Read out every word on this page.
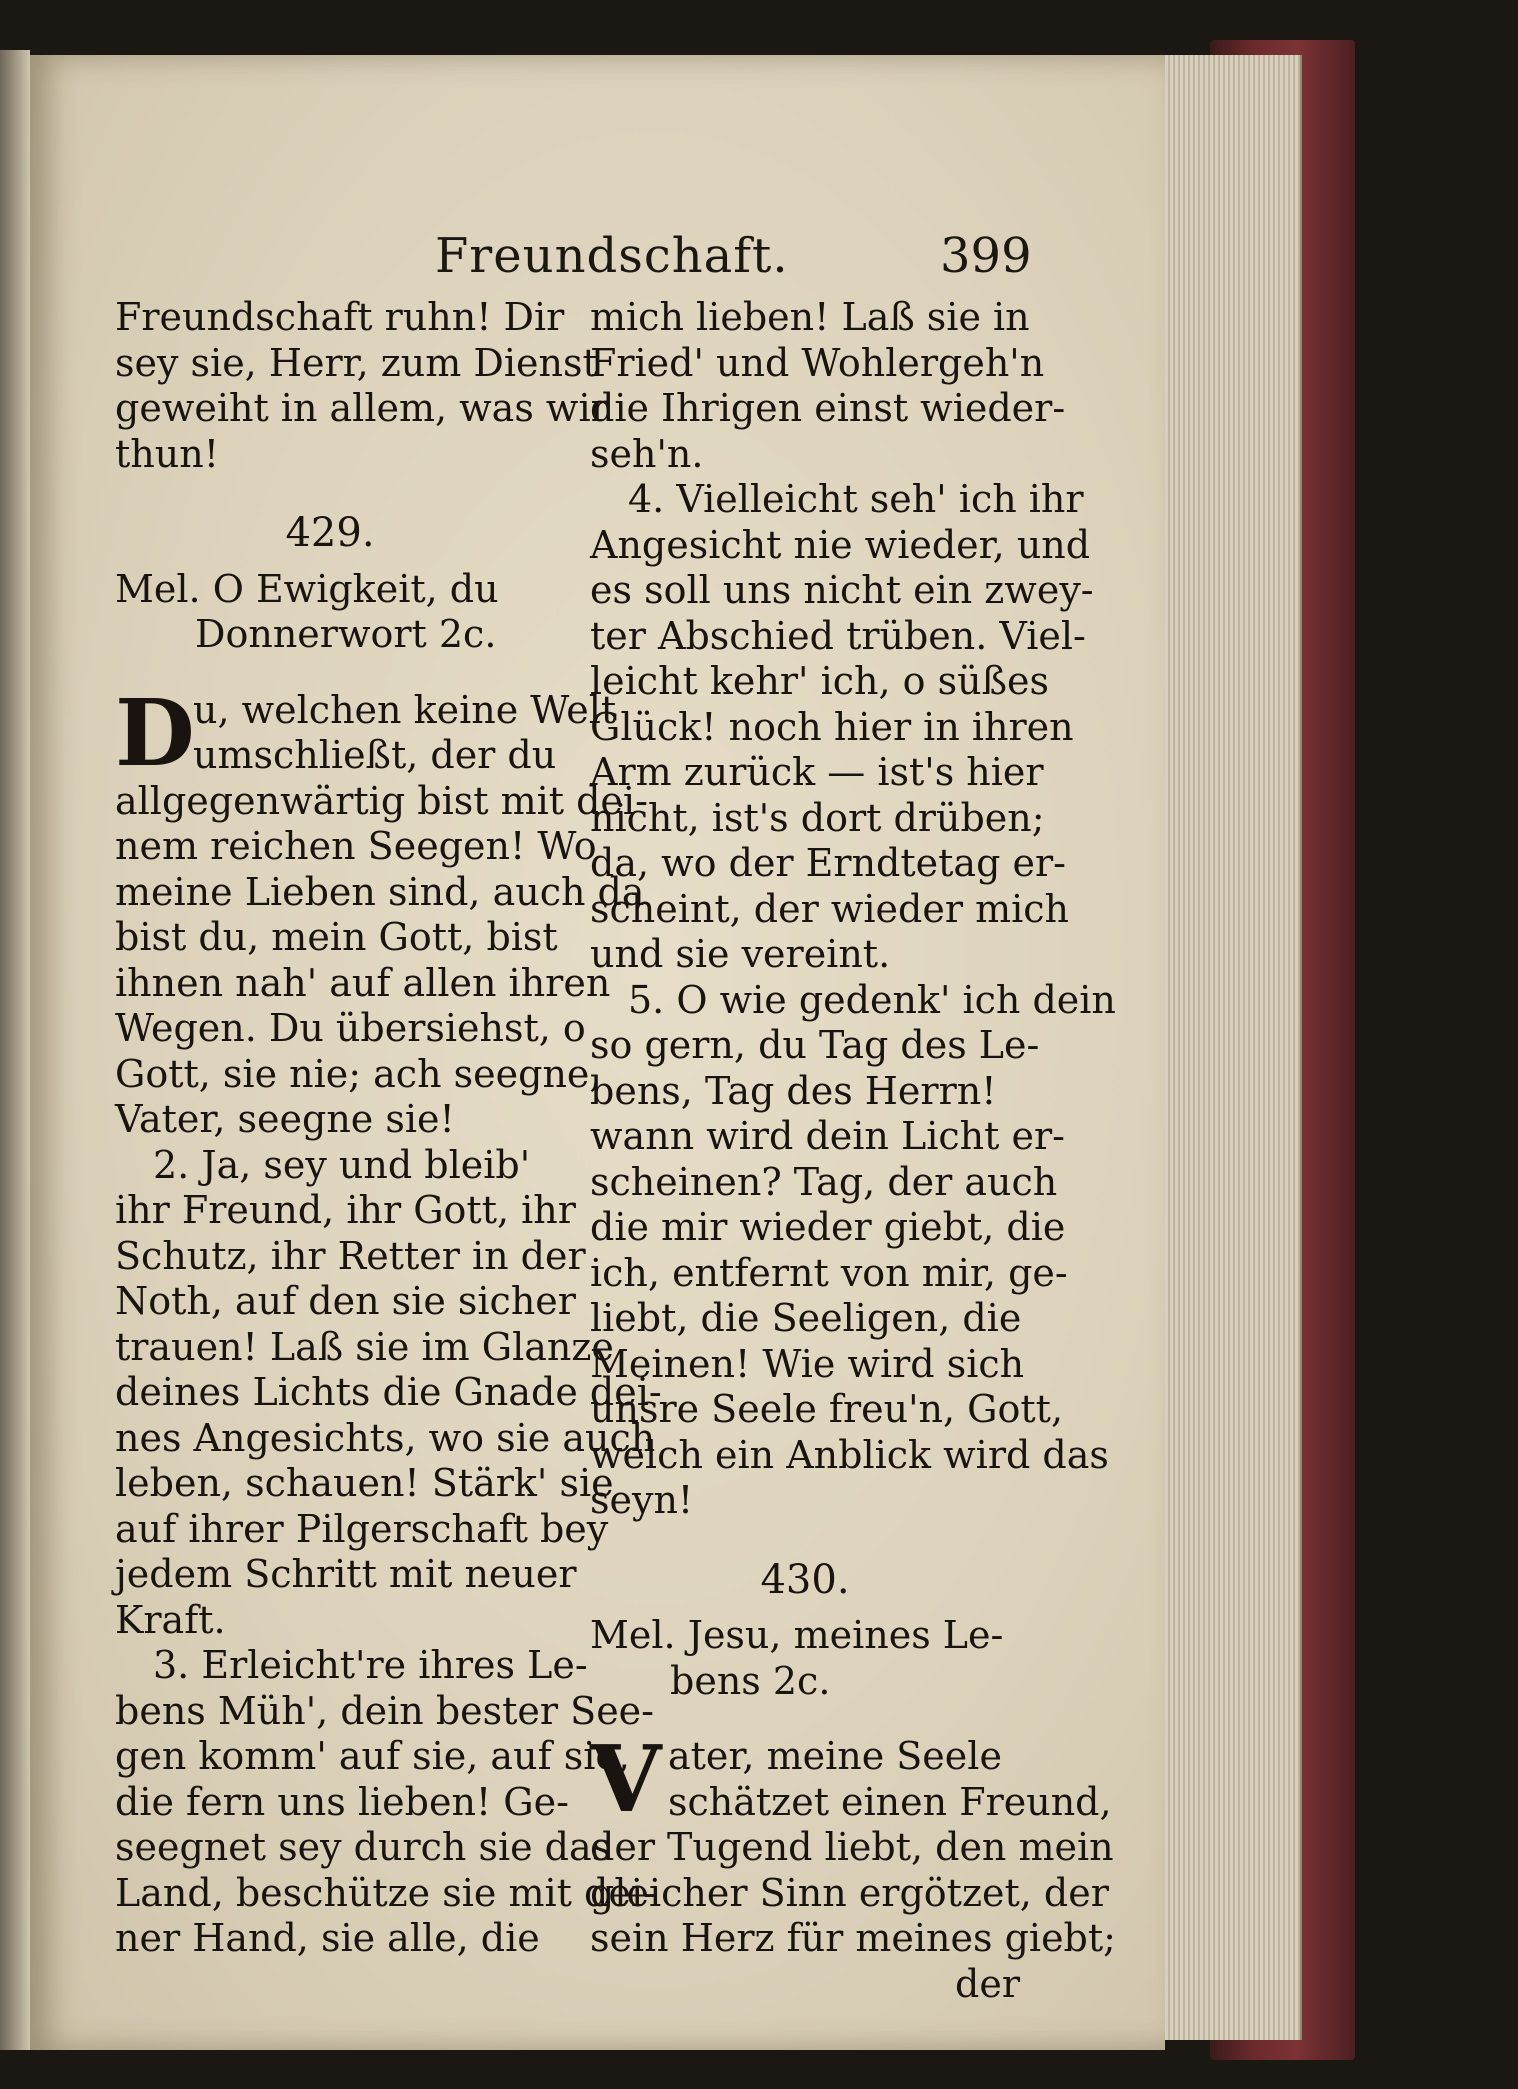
Freundschaft.	399
Freundschaft ruhn! Dir
sey sie, Herr, zum Dienst
geweiht in allem, was wir
thun!
429.
Mel. O Ewigkeit, du
Donnerwort 2c.
D
u, welchen keine Welt
umschließt, der du
allgegenwärtig bist mit dei-
nem reichen Seegen! Wo
meine Lieben sind, auch da
bist du, mein Gott, bist
ihnen nah' auf allen ihren
Wegen. Du übersiehst, o
Gott, sie nie; ach seegne,
Vater, seegne sie!
2. Ja, sey und bleib'
ihr Freund, ihr Gott, ihr
Schutz, ihr Retter in der
Noth, auf den sie sicher
trauen! Laß sie im Glanze
deines Lichts die Gnade dei-
nes Angesichts, wo sie auch
leben, schauen! Stärk' sie
auf ihrer Pilgerschaft bey
jedem Schritt mit neuer
Kraft.
3. Erleicht're ihres Le-
bens Müh', dein bester See-
gen komm' auf sie, auf sie,
die fern uns lieben! Ge-
seegnet sey durch sie das
Land, beschütze sie mit dei-
ner Hand, sie alle, die
mich lieben! Laß sie in
Fried' und Wohlergeh'n
die Ihrigen einst wieder-
seh'n.
4. Vielleicht seh' ich ihr
Angesicht nie wieder, und
es soll uns nicht ein zwey-
ter Abschied trüben. Viel-
leicht kehr' ich, o süßes
Glück! noch hier in ihren
Arm zurück — ist's hier
nicht, ist's dort drüben;
da, wo der Erndtetag er-
scheint, der wieder mich
und sie vereint.
5. O wie gedenk' ich dein
so gern, du Tag des Le-
bens, Tag des Herrn!
wann wird dein Licht er-
scheinen? Tag, der auch
die mir wieder giebt, die
ich, entfernt von mir, ge-
liebt, die Seeligen, die
Meinen! Wie wird sich
unsre Seele freu'n, Gott,
welch ein Anblick wird das
seyn!
430.
Mel. Jesu, meines Le-
bens 2c.
V ater, meine Seele
schätzet einen Freund,
der Tugend liebt, den mein
gleicher Sinn ergötzet, der
sein Herz für meines giebt;
der
